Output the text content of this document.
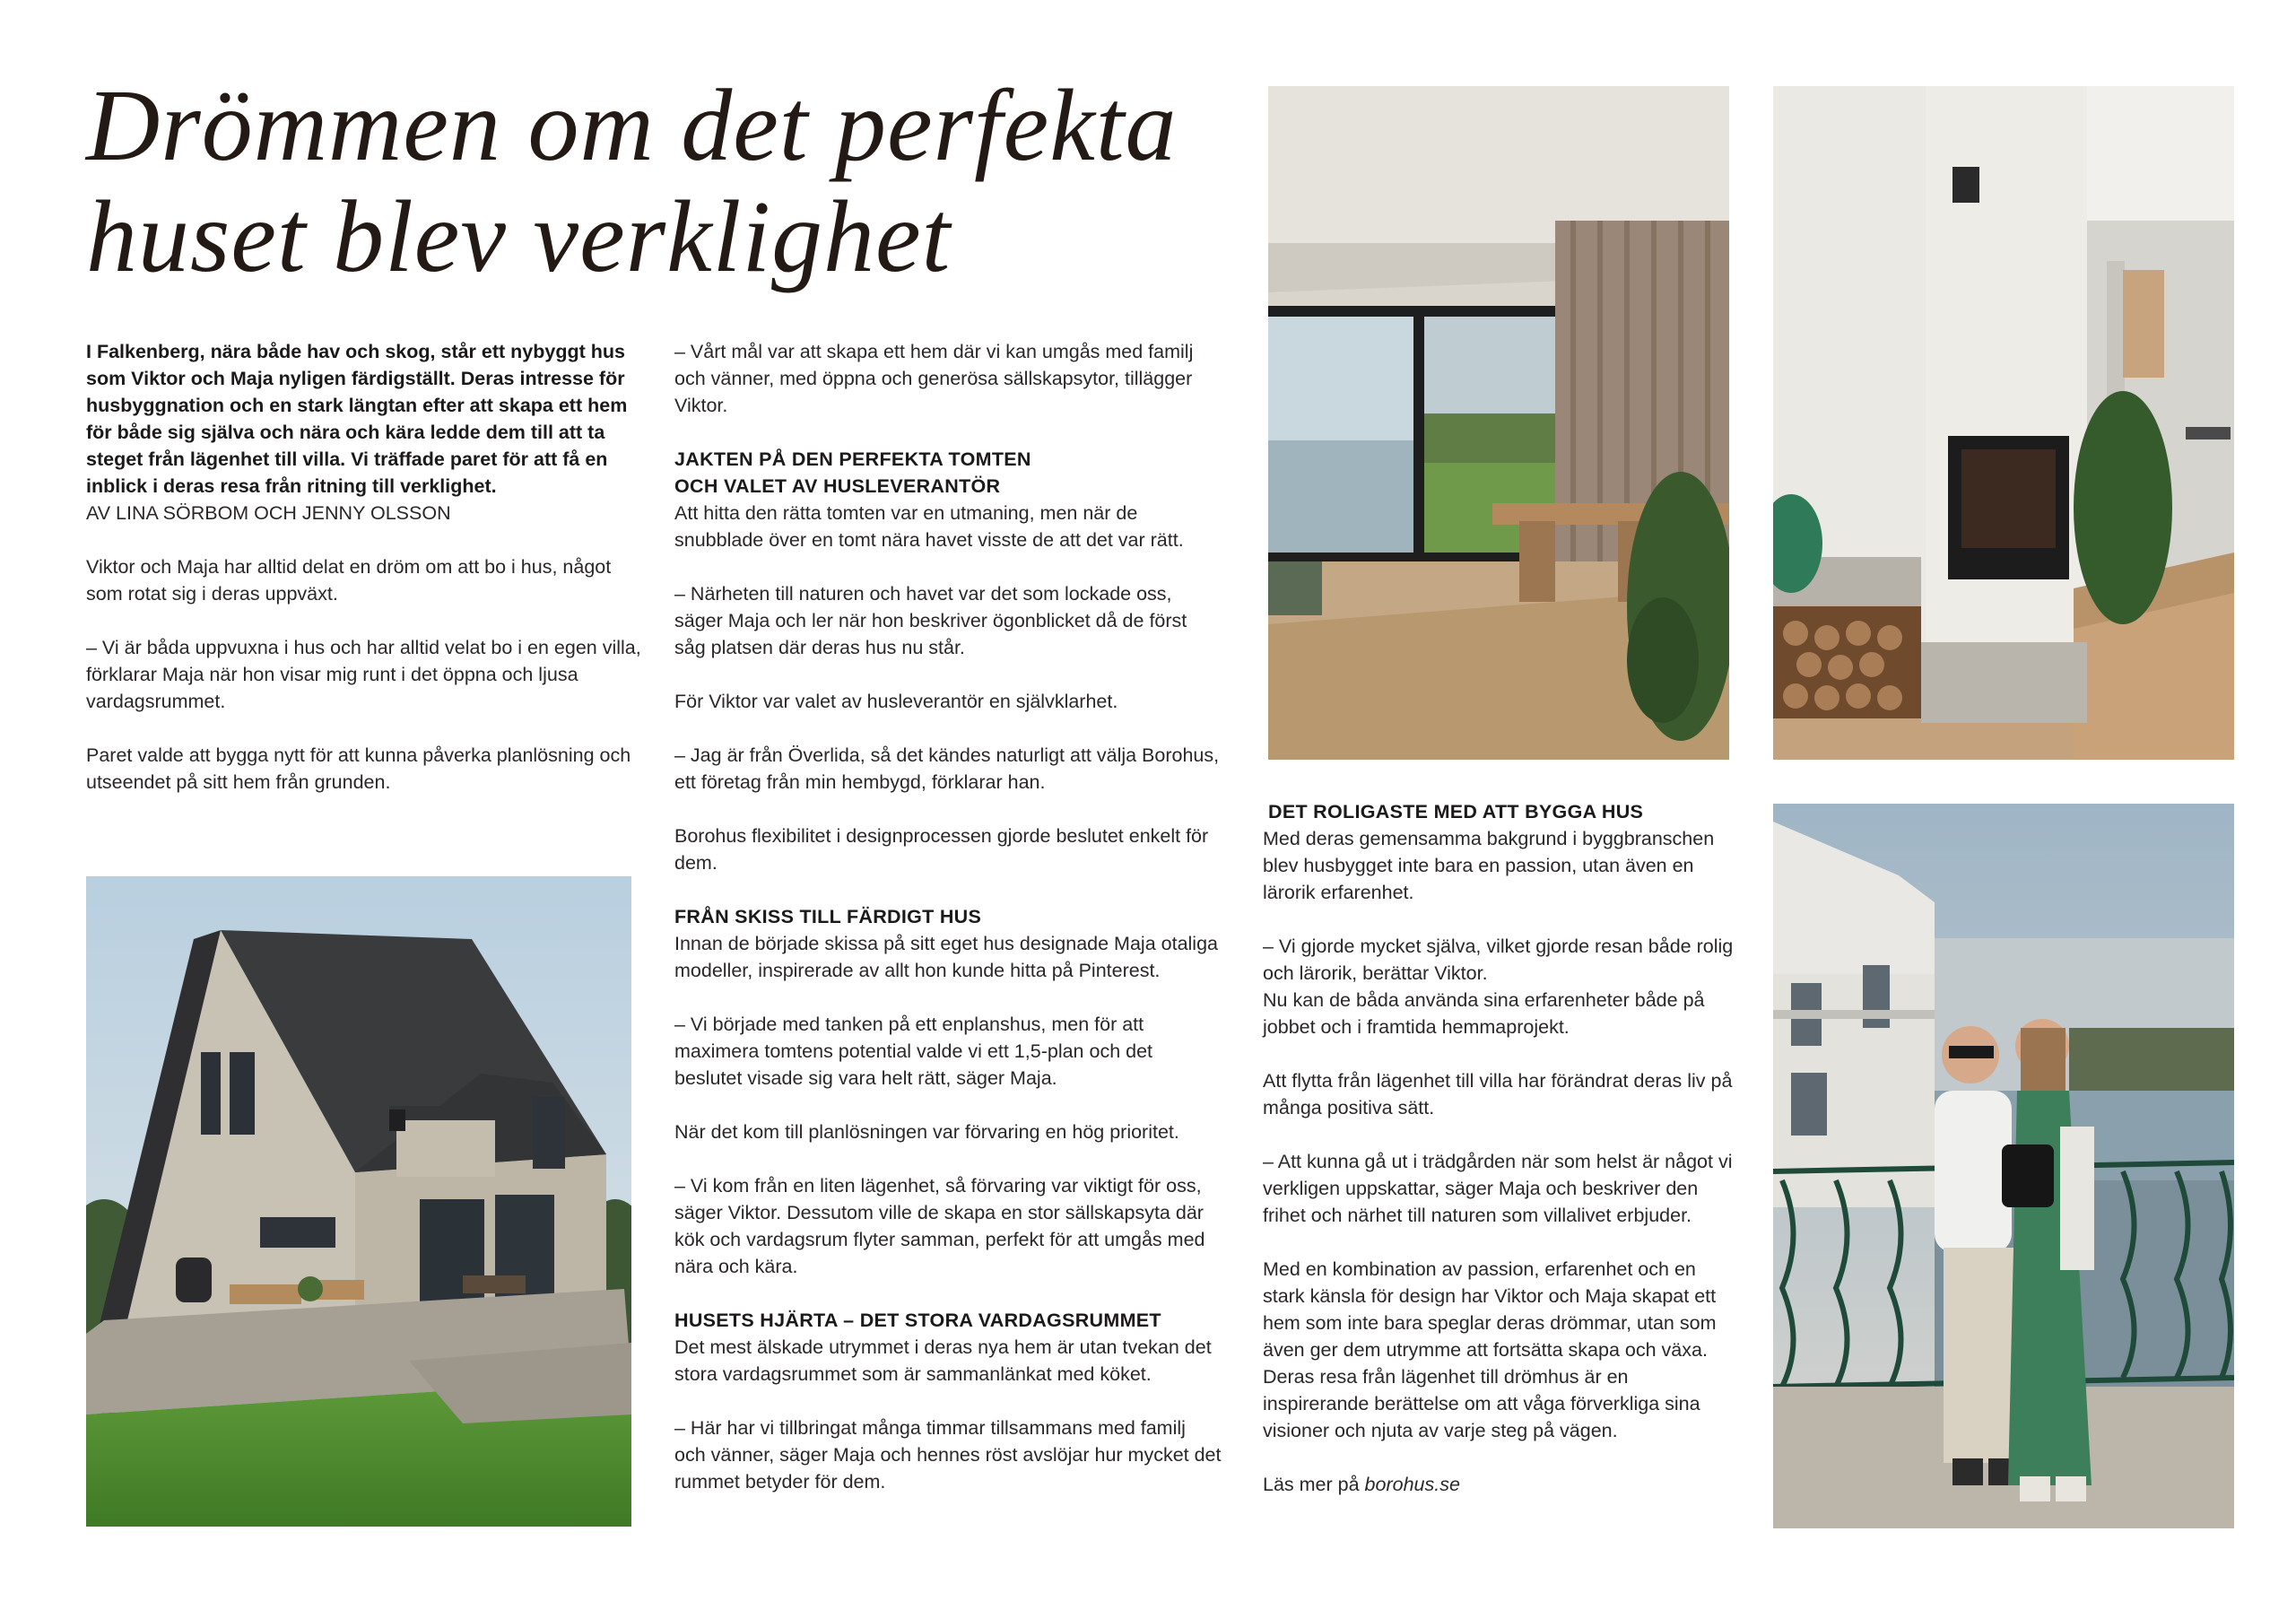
Drömmen om det perfekta
huset blev verklighet

I Falkenberg, nära både hav och skog, står ett nybyggt hus som Viktor och Maja nyligen färdigställt. Deras intresse för husbyggnation och en stark längtan efter att skapa ett hem för både sig själva och nära och kära ledde dem till att ta steget från lägenhet till villa. Vi träffade paret för att få en inblick i deras resa från ritning till verklighet.

AV LINA SÖRBOM OCH JENNY OLSSON

Viktor och Maja har alltid delat en dröm om att bo i hus, något som rotat sig i deras uppväxt.

– Vi är båda uppvuxna i hus och har alltid velat bo i en egen villa, förklarar Maja när hon visar mig runt i det öppna och ljusa vardagsrummet.

Paret valde att bygga nytt för att kunna påverka planlösning och utseendet på sitt hem från grunden.

– Vårt mål var att skapa ett hem där vi kan umgås med familj och vänner, med öppna och generösa sällskapsytor, tillägger Viktor.

JAKTEN PÅ DEN PERFEKTA TOMTEN
OCH VALET AV HUSLEVERANTÖR

Att hitta den rätta tomten var en utmaning, men när de snubblade över en tomt nära havet visste de att det var rätt.

– Närheten till naturen och havet var det som lockade oss, säger Maja och ler när hon beskriver ögonblicket då de först såg platsen där deras hus nu står.

För Viktor var valet av husleverantör en självklarhet.

– Jag är från Överlida, så det kändes naturligt att välja Borohus, ett företag från min hembygd, förklarar han.

Borohus flexibilitet i designprocessen gjorde beslutet enkelt för dem.

FRÅN SKISS TILL FÄRDIGT HUS

Innan de började skissa på sitt eget hus designade Maja otaliga modeller, inspirerade av allt hon kunde hitta på Pinterest.

– Vi började med tanken på ett enplanshus, men för att maximera tomtens potential valde vi ett 1,5-plan och det beslutet visade sig vara helt rätt, säger Maja.

När det kom till planlösningen var förvaring en hög prioritet.

– Vi kom från en liten lägenhet, så förvaring var viktigt för oss, säger Viktor. Dessutom ville de skapa en stor sällskapsyta där kök och vardagsrum flyter samman, perfekt för att umgås med nära och kära.

HUSETS HJÄRTA – DET STORA VARDAGSRUMMET

Det mest älskade utrymmet i deras nya hem är utan tvekan det stora vardagsrummet som är sammanlänkat med köket.

– Här har vi tillbringat många timmar tillsammans med familj och vänner, säger Maja och hennes röst avslöjar hur mycket det rummet betyder för dem.

DET ROLIGASTE MED ATT BYGGA HUS

Med deras gemensamma bakgrund i byggbranschen blev husbygget inte bara en passion, utan även en lärorik erfarenhet.

– Vi gjorde mycket själva, vilket gjorde resan både rolig och lärorik, berättar Viktor.
Nu kan de båda använda sina erfarenheter både på jobbet och i framtida hemmaprojekt.

Att flytta från lägenhet till villa har förändrat deras liv på många positiva sätt.

– Att kunna gå ut i trädgården när som helst är något vi verkligen uppskattar, säger Maja och beskriver den frihet och närhet till naturen som villalivet erbjuder.

Med en kombination av passion, erfarenhet och en stark känsla för design har Viktor och Maja skapat ett hem som inte bara speglar deras drömmar, utan som även ger dem utrymme att fortsätta skapa och växa. Deras resa från lägenhet till drömhus är en inspirerande berättelse om att våga förverkliga sina visioner och njuta av varje steg på vägen.

Läs mer på borohus.se
